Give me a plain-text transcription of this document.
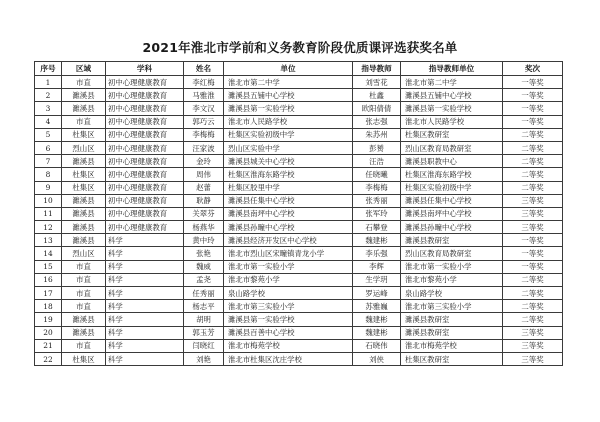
2021年淮北市学前和义务教育阶段优质课评选获奖名单
序号	区域	学科	姓名	单位	指导教师	指导教师单位	奖次
1	市直	初中心理健康教育	李红梅	淮北市第二中学	刘雪花	淮北市第二中学	一等奖
2	濉溪县	初中心理健康教育	马雅淮	濉溪县五铺中心学校	杜鑫	濉溪县五铺中心学校	一等奖
3	濉溪县	初中心理健康教育	李文汉	濉溪县第一实验学校	欧阳倩倩	濉溪县第一实验学校	一等奖
4	市直	初中心理健康教育	郭巧云	淮北市人民路学校	张志强	淮北市人民路学校	一等奖
5	杜集区	初中心理健康教育	李梅梅	杜集区实验初级中学	朱苏州	杜集区教研室	二等奖
6	烈山区	初中心理健康教育	汪家波	烈山区实验中学	彭赟	烈山区教育局教研室	二等奖
7	濉溪县	初中心理健康教育	金玲	濉溪县城关中心学校	汪浩	濉溪县职教中心	二等奖
8	杜集区	初中心理健康教育	周伟	杜集区淮海东路学校	任晓曦	杜集区淮海东路学校	二等奖
9	杜集区	初中心理健康教育	赵蕾	杜集区胶里中学	李梅梅	杜集区实验初级中学	二等奖
10	濉溪县	初中心理健康教育	耿静	濉溪县任集中心学校	张秀丽	濉溪县任集中心学校	三等奖
11	濉溪县	初中心理健康教育	关翠芬	濉溪县南坪中心学校	张军玲	濉溪县南坪中心学校	三等奖
12	濉溪县	初中心理健康教育	杨燕华	濉溪县孙疃中心学校	石攀登	濉溪县孙疃中心学校	三等奖
13	濉溪县	科学	黄中玲	濉溪县经济开发区中心学校	魏建彬	濉溪县教研室	一等奖
14	烈山区	科学	张艳	淮北市烈山区宋疃镇青龙小学	李乐强	烈山区教育局教研室	一等奖
15	市直	科学	魏威	淮北市第一实验小学	李辉	淮北市第一实验小学	一等奖
16	市直	科学	孟尧	淮北市黎苑小学	生学玥	淮北市黎苑小学	二等奖
17	市直	科学	任秀丽	泉山路学校	罗运峰	泉山路学校	二等奖
18	市直	科学	杨志平	淮北市第三实验小学	苏雅巍	淮北市第三实验小学	二等奖
19	濉溪县	科学	胡明	濉溪县第一实验学校	魏建彬	濉溪县教研室	二等奖
20	濉溪县	科学	郭玉芳	濉溪县百善中心学校	魏建彬	濉溪县教研室	三等奖
21	市直	科学	闫晓红	淮北市梅苑学校	石晓伟	淮北市梅苑学校	三等奖
22	杜集区	科学	刘艳	淮北市杜集区沈庄学校	刘侠	杜集区教研室	三等奖
